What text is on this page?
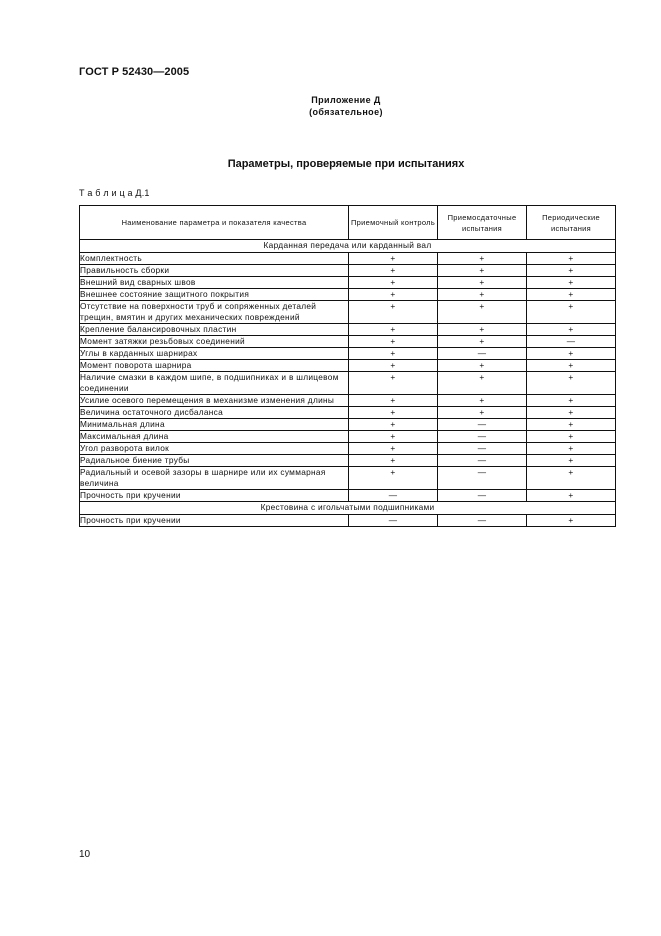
ГОСТ Р 52430—2005
Приложение Д
(обязательное)
Параметры, проверяемые при испытаниях
Т а б л и ц а Д.1
Наименование параметра и показателя качества	Приемочный контроль	Приемосдаточные испытания	Периодические испытания
Карданная передача или карданный вал			
Комплектность	+	+	+
Правильность сборки	+	+	+
Внешний вид сварных швов	+	+	+
Внешнее состояние защитного покрытия	+	+	+
Отсутствие на поверхности труб и сопряженных деталей трещин, вмятин и других механических повреждений	+	+	+
Крепление балансировочных пластин	+	+	+
Момент затяжки резьбовых соединений	+	+	—
Углы в карданных шарнирах	+	—	+
Момент поворота шарнира	+	+	+
Наличие смазки в каждом шипе, в подшипниках и в шлицевом соединении	+	+	+
Усилие осевого перемещения в механизме изменения длины	+	+	+
Величина остаточного дисбаланса	+	+	+
Минимальная длина	+	—	+
Максимальная длина	+	—	+
Угол разворота вилок	+	—	+
Радиальное биение трубы	+	—	+
Радиальный и осевой зазоры в шарнире или их суммарная величина	+	—	+
Прочность при кручении	—	—	+
Крестовина с игольчатыми подшипниками			
Прочность при кручении	—	—	+
10
